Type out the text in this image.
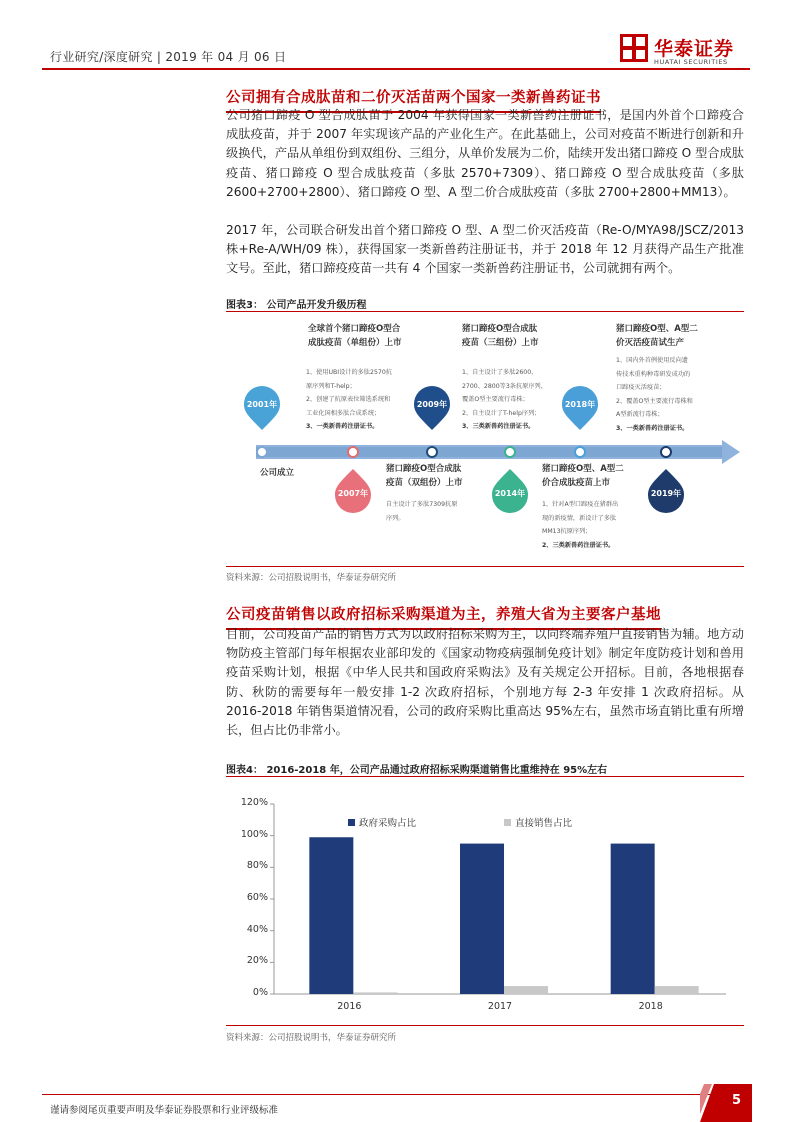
行业研究/深度研究 | 2019 年 04 月 06 日	华泰证券
HUATAI SECURITIES
公司拥有合成肽苗和二价灭活苗两个国家一类新兽药证书
公司猪口蹄疫 O 型合成肽苗于 2004 年获得国家一类新兽药注册证书，是国内外首个口蹄疫合成肽疫苗，并于 2007 年实现该产品的产业化生产。在此基础上，公司对疫苗不断进行创新和升级换代，产品从单组份到双组份、三组分，从单价发展为二价，陆续开发出猪口蹄疫 O 型合成肽疫苗、猪口蹄疫 O 型合成肽疫苗（多肽 2570+7309）、猪口蹄疫 O 型合成肽疫苗（多肽 2600+2700+2800）、猪口蹄疫 O 型、A 型二价合成肽疫苗（多肽 2700+2800+MM13）。
2017 年，公司联合研发出首个猪口蹄疫 O 型、A 型二价灭活疫苗（Re-O/MYA98/JSCZ/2013 株+Re-A/WH/09 株），获得国家一类新兽药注册证书，并于 2018 年 12 月获得产品生产批准文号。至此，猪口蹄疫疫苗一共有 4 个国家一类新兽药注册证书，公司就拥有两个。
图表3： 公司产品开发升级历程
2001年
2007年
2009年
2014年
2018年
2019年
公司成立
全球首个猪口蹄疫O型合
成肽疫苗（单组份）上市
1、使用UBI设计的多肽2570抗
原序列和T-help；
2、创建了抗原表位筛选系统和
工业化国相多肽合成系统；
3、一类新兽药注册证书。
猪口蹄疫O型合成肽
疫苗（双组份）上市
自主设计了多肽7309抗原
序列。
猪口蹄疫O型合成肽
疫苗（三组份）上市
1、自主设计了多肽2600、
2700、2800等3条抗原序列，
覆盖O型主要流行毒株；
2、自主设计了T-help序列；
3、三类新兽药注册证书。
猪口蹄疫O型、A型二
价合成肽疫苗上市
1、针对A型口蹄疫在猪群出
现的新疫情，新设计了多肽
MM13抗原序列；
2、三类新兽药注册证书。
猪口蹄疫O型、A型二
价灭活疫苗试生产
1、国内外首例使用反向遗
传技术重构种毒研发成功的
口蹄疫灭活疫苗；
2、覆盖O型主要流行毒株和
A型新流行毒株；
3、一类新兽药注册证书。
资料来源：公司招股说明书，华泰证券研究所
公司疫苗销售以政府招标采购渠道为主，养殖大省为主要客户基地
目前，公司疫苗产品的销售方式为以政府招标采购为主，以向终端养殖户直接销售为辅。地方动物防疫主管部门每年根据农业部印发的《国家动物疫病强制免疫计划》制定年度防疫计划和兽用疫苗采购计划，根据《中华人民共和国政府采购法》及有关规定公开招标。目前，各地根据春防、秋防的需要每年一般安排 1-2 次政府招标，个别地方每 2-3 年安排 1 次政府招标。从 2016-2018 年销售渠道情况看，公司的政府采购比重高达 95%左右，虽然市场直销比重有所增长，但占比仍非常小。
图表4： 2016-2018 年，公司产品通过政府招标采购渠道销售比重维持在 95%左右
0%
20%
40%
60%
80%
100%
120%
2016	2017	2018
政府采购占比	直接销售占比
资料来源：公司招股说明书，华泰证券研究所
谨请参阅尾页重要声明及华泰证券股票和行业评级标准
5
